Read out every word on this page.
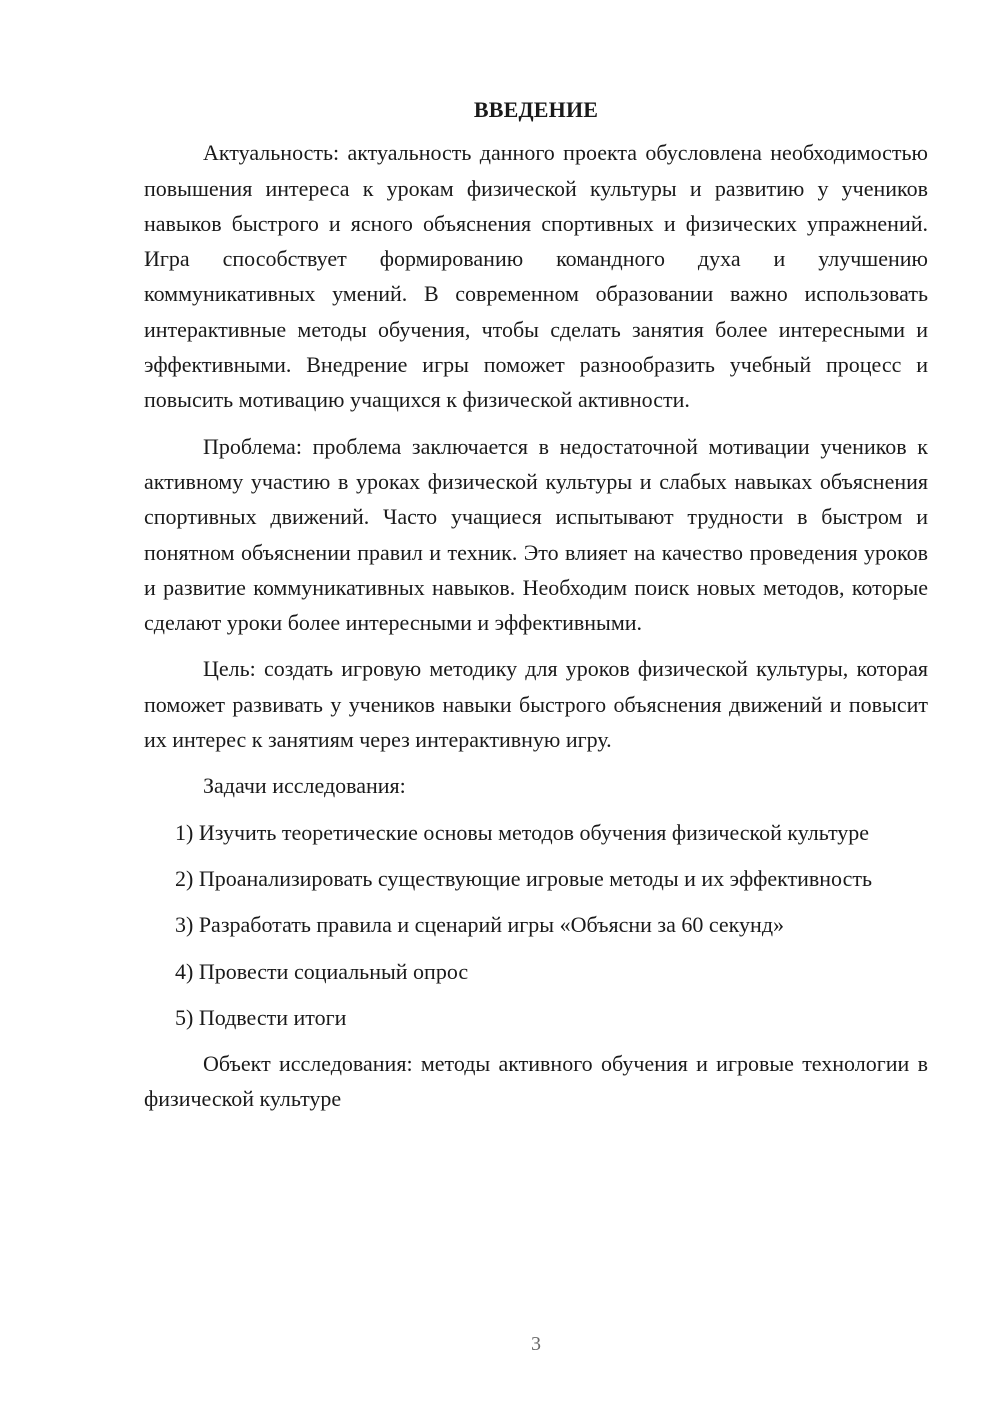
ВВЕДЕНИЕ

Актуальность: актуальность данного проекта обусловлена необходимостью повышения интереса к урокам физической культуры и развитию у учеников навыков быстрого и ясного объяснения спортивных и физических упражнений. Игра способствует формированию командного духа и улучшению коммуникативных умений. В современном образовании важно использовать интерактивные методы обучения, чтобы сделать занятия более интересными и эффективными. Внедрение игры поможет разнообразить учебный процесс и повысить мотивацию учащихся к физической активности.

Проблема: проблема заключается в недостаточной мотивации учеников к активному участию в уроках физической культуры и слабых навыках объяснения спортивных движений. Часто учащиеся испытывают трудности в быстром и понятном объяснении правил и техник. Это влияет на качество проведения уроков и развитие коммуникативных навыков. Необходим поиск новых методов, которые сделают уроки более интересными и эффективными.

Цель: создать игровую методику для уроков физической культуры, которая поможет развивать у учеников навыки быстрого объяснения движений и повысит их интерес к занятиям через интерактивную игру.

Задачи исследования:

1) Изучить теоретические основы методов обучения физической культуре

2) Проанализировать существующие игровые методы и их эффективность

3) Разработать правила и сценарий игры «Объясни за 60 секунд»

4) Провести социальный опрос

5) Подвести итоги

Объект исследования: методы активного обучения и игровые технологии в физической культуре

3
